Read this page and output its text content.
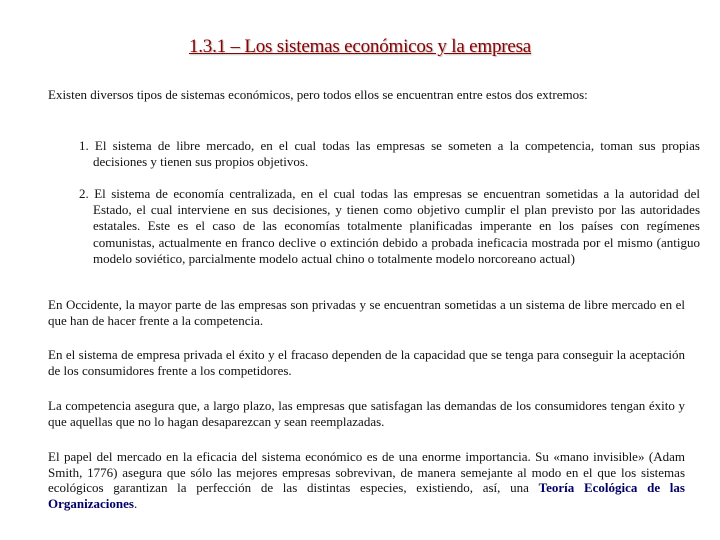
1.3.1 – Los sistemas económicos y la empresa

Existen diversos tipos de sistemas económicos, pero todos ellos se encuentran entre estos dos extremos:

1. El sistema de libre mercado, en el cual todas las empresas se someten a la competencia, toman sus propias decisiones y tienen sus propios objetivos.

2. El sistema de economía centralizada, en el cual todas las empresas se encuentran sometidas a la autoridad del Estado, el cual interviene en sus decisiones, y tienen como objetivo cumplir el plan previsto por las autoridades estatales. Este es el caso de las economías totalmente planificadas imperante en los países con regímenes comunistas, actualmente en franco declive o extinción debido a probada ineficacia mostrada por el mismo (antiguo modelo soviético, parcialmente modelo actual chino o totalmente modelo norcoreano actual)

En Occidente, la mayor parte de las empresas son privadas y se encuentran sometidas a un sistema de libre mercado en el que han de hacer frente a la competencia.

En el sistema de empresa privada el éxito y el fracaso dependen de la capacidad que se tenga para conseguir la aceptación de los consumidores frente a los competidores.

La competencia asegura que, a largo plazo, las empresas que satisfagan las demandas de los consumidores tengan éxito y que aquellas que no lo hagan desaparezcan y sean reemplazadas.

El papel del mercado en la eficacia del sistema económico es de una enorme importancia. Su «mano invisible» (Adam Smith, 1776) asegura que sólo las mejores empresas sobrevivan, de manera semejante al modo en el que los sistemas ecológicos garantizan la perfección de las distintas especies, existiendo, así, una Teoría Ecológica de las Organizaciones.
